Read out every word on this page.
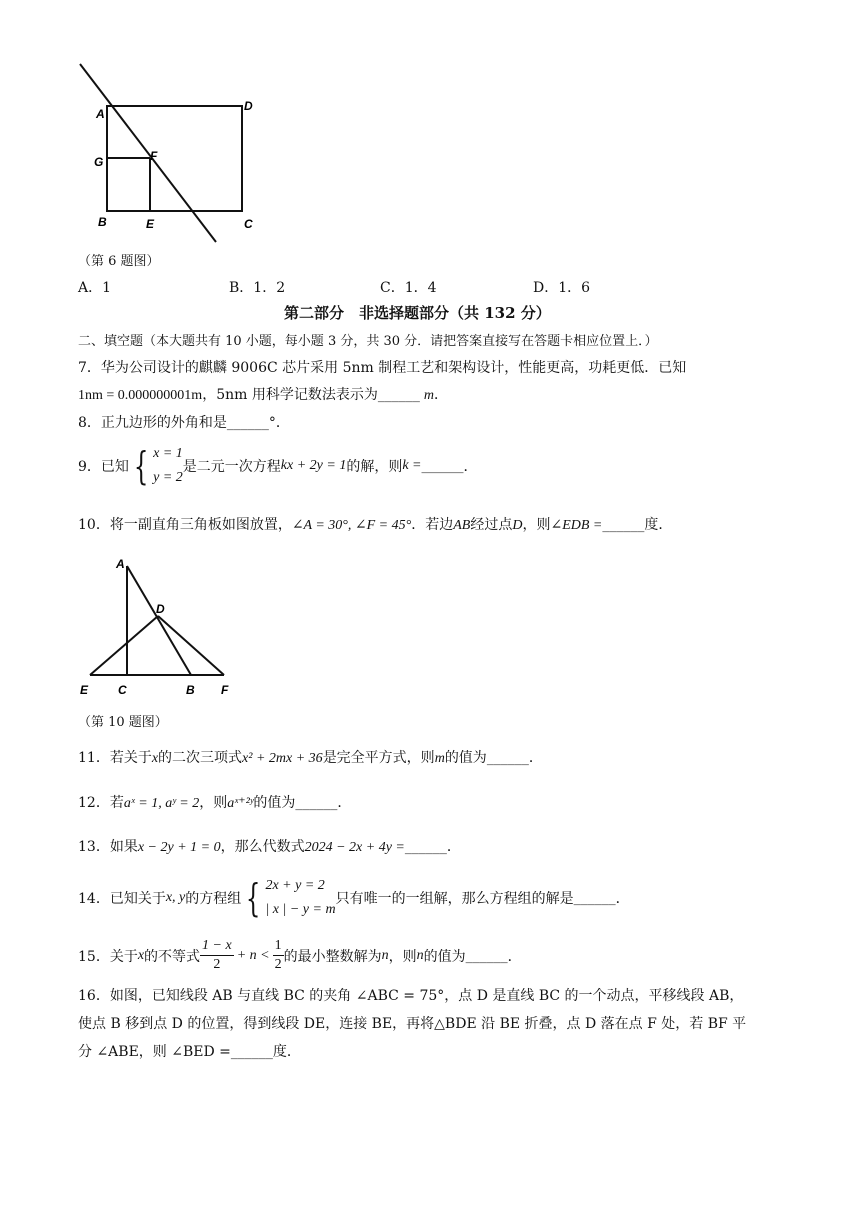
A
D
G	F
B	E	C
（第 6 题图）
A．1	B．1．2	C．1．4	D．1．6
第二部分　非选择题部分（共 132 分）
二、填空题（本大题共有 10 小题，每小题 3 分，共 30 分．请把答案直接写在答题卡相应位置上．）
7．华为公司设计的麒麟 9006C 芯片采用 5nm 制程工艺和架构设计，性能更高，功耗更低．已知
1nm = 0.000000001m，5nm 用科学记数法表示为______ m．
8．正九边形的外角和是______°．
9．已知 { x = 1
y = 2
是二元一次方程 kx + 2y = 1 的解，则 k = ______ ．
10．将一副直角三角板如图放置，∠A = 30°, ∠F = 45°．若边AB经过点D，则∠EDB =______度．
A
D
E C	B F
（第 10 题图）
11．若关于x的二次三项式x² + 2mx + 36是完全平方式，则m的值为______．
12．若aˣ = 1, aʸ = 2，则aˣ⁺²ʸ的值为______．
13．如果x − 2y + 1 = 0，那么代数式2024 − 2x + 4y =______．
14．已知关于 x, y 的方程组 { 2x + y = 2
| x | − y = m
只有唯一的一组解，那么方程组的解是 ______ ．
15．关于 x 的不等式 $\frac{1 - x}{2} + n < \frac{1}{2}$ 的最小整数解为 n ，则 n 的值为 ______ ．
16．如图，已知线段 AB 与直线 BC 的夹角 ∠ABC = 75°，点 D 是直线 BC 的一个动点，平移线段 AB，
使点 B 移到点 D 的位置，得到线段 DE，连接 BE，再将△BDE 沿 BE 折叠，点 D 落在点 F 处，若 BF 平
分 ∠ABE，则 ∠BED =______度．
